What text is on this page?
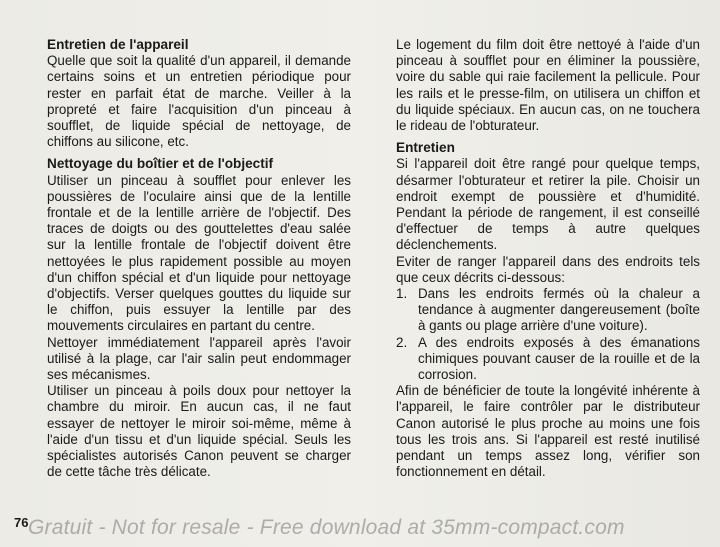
Entretien de l'appareil

Quelle que soit la qualité d'un appareil, il demande certains soins et un entretien périodique pour rester en parfait état de marche. Veiller à la propreté et faire l'acquisition d'un pinceau à soufflet, de liquide spécial de nettoyage, de chiffons au silicone, etc.

Nettoyage du boîtier et de l'objectif

Utiliser un pinceau à soufflet pour enlever les poussières de l'oculaire ainsi que de la lentille frontale et de la lentille arrière de l'objectif. Des traces de doigts ou des gouttelettes d'eau salée sur la lentille frontale de l'objectif doivent être nettoyées le plus rapidement possible au moyen d'un chiffon spécial et d'un liquide pour nettoyage d'objectifs. Verser quelques gouttes du liquide sur le chiffon, puis essuyer la lentille par des mouvements circulaires en partant du centre.

Nettoyer immédiatement l'appareil après l'avoir utilisé à la plage, car l'air salin peut endommager ses mécanismes.

Utiliser un pinceau à poils doux pour nettoyer la chambre du miroir. En aucun cas, il ne faut essayer de nettoyer le miroir soi-même, même à l'aide d'un tissu et d'un liquide spécial. Seuls les spécialistes autorisés Canon peuvent se charger de cette tâche très délicate.

Le logement du film doit être nettoyé à l'aide d'un pinceau à soufflet pour en éliminer la poussière, voire du sable qui raie facilement la pellicule. Pour les rails et le presse-film, on utilisera un chiffon et du liquide spéciaux. En aucun cas, on ne touchera le rideau de l'obturateur.

Entretien

Si l'appareil doit être rangé pour quelque temps, désarmer l'obturateur et retirer la pile. Choisir un endroit exempt de poussière et d'humidité. Pendant la période de rangement, il est conseillé d'effectuer de temps à autre quelques déclenchements.

Eviter de ranger l'appareil dans des endroits tels que ceux décrits ci-dessous:

1. Dans les endroits fermés où la chaleur a tendance à augmenter dangereusement (boîte à gants ou plage arrière d'une voiture).
2. A des endroits exposés à des émanations chimiques pouvant causer de la rouille et de la corrosion.

Afin de bénéficier de toute la longévité inhérente à l'appareil, le faire contrôler par le distributeur Canon autorisé le plus proche au moins une fois tous les trois ans. Si l'appareil est resté inutilisé pendant un temps assez long, vérifier son fonctionnement en détail.

76 Gratuit - Not for resale - Free download at 35mm-compact.com
